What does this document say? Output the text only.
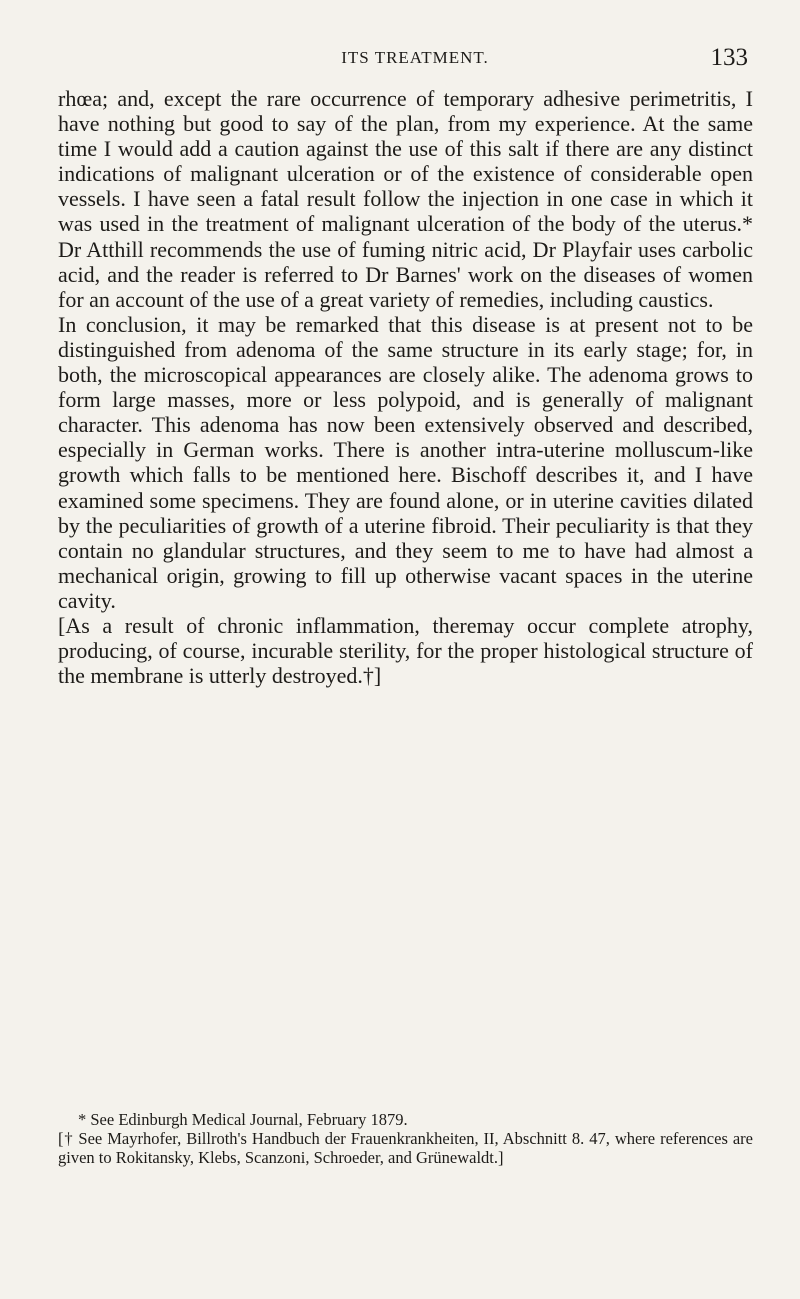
ITS TREATMENT.	133

rhœa; and, except the rare occurrence of temporary adhesive perimetritis, I have nothing but good to say of the plan, from my experience. At the same time I would add a caution against the use of this salt if there are any distinct indications of malignant ulceration or of the existence of considerable open vessels. I have seen a fatal result follow the injection in one case in which it was used in the treatment of malignant ulceration of the body of the uterus.* Dr Atthill recommends the use of fuming nitric acid, Dr Playfair uses carbolic acid, and the reader is referred to Dr Barnes' work on the diseases of women for an account of the use of a great variety of remedies, including caustics.

In conclusion, it may be remarked that this disease is at present not to be distinguished from adenoma of the same structure in its early stage; for, in both, the microscopical appearances are closely alike. The adenoma grows to form large masses, more or less polypoid, and is generally of malignant character. This adenoma has now been extensively observed and described, especially in German works. There is another intra-uterine molluscum-like growth which falls to be mentioned here. Bischoff describes it, and I have examined some specimens. They are found alone, or in uterine cavities dilated by the peculiarities of growth of a uterine fibroid. Their peculiarity is that they contain no glandular structures, and they seem to me to have had almost a mechanical origin, growing to fill up otherwise vacant spaces in the uterine cavity.

[As a result of chronic inflammation, theremay occur complete atrophy, producing, of course, incurable sterility, for the proper histological structure of the membrane is utterly destroyed.†]

* See Edinburgh Medical Journal, February 1879.

[† See Mayrhofer, Billroth's Handbuch der Frauenkrankheiten, II, Abschnitt 8. 47, where references are given to Rokitansky, Klebs, Scanzoni, Schroeder, and Grünewaldt.]
